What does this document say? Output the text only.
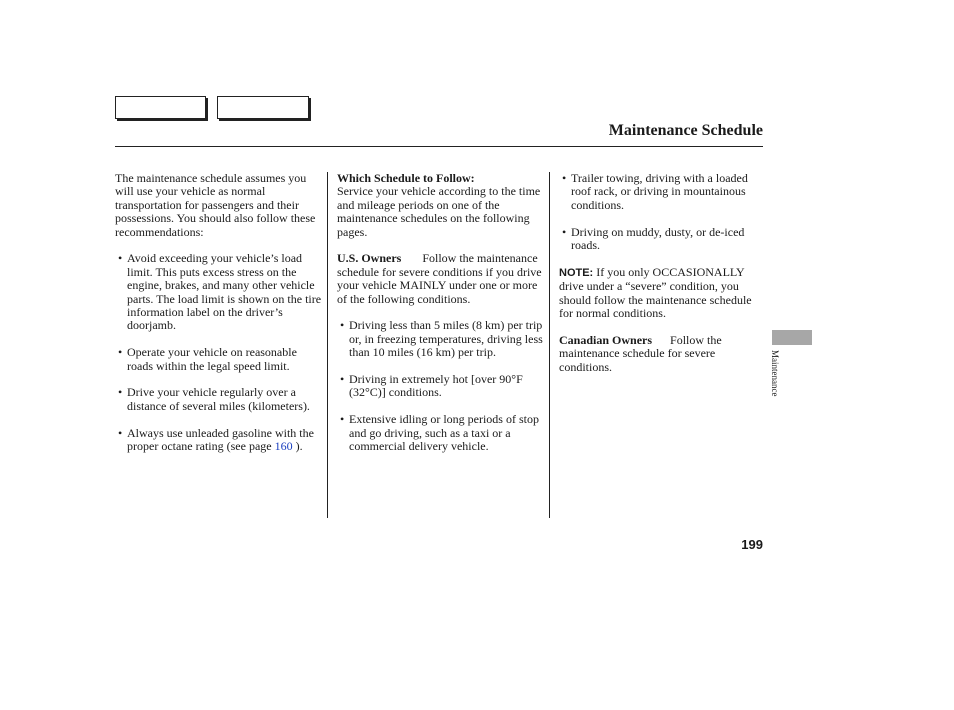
Maintenance Schedule

The maintenance schedule assumes you will use your vehicle as normal transportation for passengers and their possessions. You should also follow these recommendations:

• Avoid exceeding your vehicle’s load limit. This puts excess stress on the engine, brakes, and many other vehicle parts. The load limit is shown on the tire information label on the driver’s doorjamb.
• Operate your vehicle on reasonable roads within the legal speed limit.
• Drive your vehicle regularly over a distance of several miles (kilometers).
• Always use unleaded gasoline with the proper octane rating (see page 160 ).

Which Schedule to Follow:

Service your vehicle according to the time and mileage periods on one of the maintenance schedules on the following pages.

U.S. Owners Follow the maintenance schedule for severe conditions if you drive your vehicle MAINLY under one or more of the following conditions.

• Driving less than 5 miles (8 km) per trip or, in freezing temperatures, driving less than 10 miles (16 km) per trip.
• Driving in extremely hot [over 90°F (32°C)] conditions.
• Extensive idling or long periods of stop and go driving, such as a taxi or a commercial delivery vehicle.
• Trailer towing, driving with a loaded roof rack, or driving in mountainous conditions.
• Driving on muddy, dusty, or de-iced roads.

NOTE: If you only OCCASIONALLY drive under a “severe” condition, you should follow the maintenance schedule for normal conditions.

Canadian Owners Follow the maintenance schedule for severe conditions.	Maintenance
199
